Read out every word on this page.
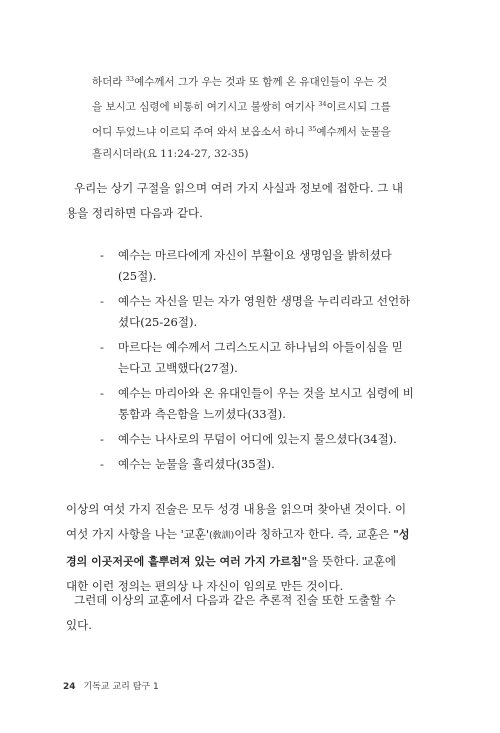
하더라 $^{33}$예수께서 그가 우는 것과 또 함께 온 유대인들이 우는 것
을 보시고 심령에 비통히 여기시고 불쌍히 여기사 $^{34}$이르시되 그를
어디 두었느냐 이르되 주여 와서 보옵소서 하니 $^{35}$예수께서 눈물을
흘리시더라(요 11:24-27, 32-35)
우리는 상기 구절을 읽으며 여러 가지 사실과 정보에 접한다. 그 내
용을 정리하면 다음과 같다.
- 예수는 마르다에게 자신이 부활이요 생명임을 밝히셨다
(25절).
- 예수는 자신을 믿는 자가 영원한 생명을 누리리라고 선언하
셨다(25-26절).
- 마르다는 예수께서 그리스도시고 하나님의 아들이심을 믿
는다고 고백했다(27절).
- 예수는 마리아와 온 유대인들이 우는 것을 보시고 심령에 비
통함과 측은함을 느끼셨다(33절).
- 예수는 나사로의 무덤이 어디에 있는지 물으셨다(34절).
- 예수는 눈물을 흘리셨다(35절).
이상의 여섯 가지 진술은 모두 성경 내용을 읽으며 찾아낸 것이다. 이
여섯 가지 사항을 나는 '교훈'(敎訓)이라 칭하고자 한다. 즉, 교훈은 "성
경의 이곳저곳에 흩뿌려져 있는 여러 가지 가르침"을 뜻한다. 교훈에
대한 이런 정의는 편의상 나 자신이 임의로 만든 것이다.
그런데 이상의 교훈에서 다음과 같은 추론적 진술 또한 도출할 수
있다.
24 기독교 교리 탐구 1
